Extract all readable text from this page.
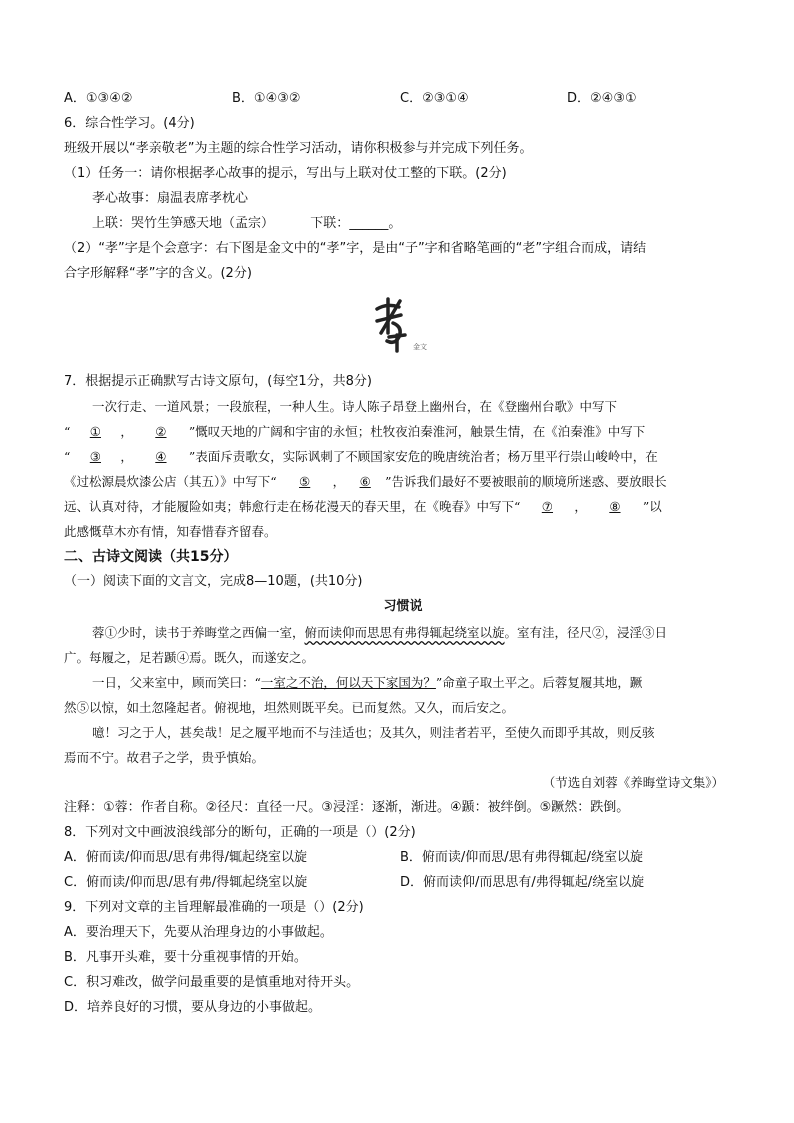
A．①③④②	B．①④③②	C．②③①④	D．②④③①
6．综合性学习。(4分)
班级开展以“孝亲敬老”为主题的综合性学习活动，请你积极参与并完成下列任务。
（1）任务一：请你根据孝心故事的提示，写出与上联对仗工整的下联。(2分)
孝心故事：扇温表席孝枕心
上联：哭竹生笋感天地（孟宗）	下联：______。
（2）“孝”字是个会意字：右下图是金文中的“孝”字，是由“子”字和省略笔画的“老”字组合而成，请结
合字形解释“孝”字的含义。(2分)
金文
7．根据提示正确默写古诗文原句，(每空1分，共8分)
一次行走、一道风景；一段旅程，一种人生。诗人陈子昂登上幽州台，在《登幽州台歌》中写下
“ ① ， ② ”慨叹天地的广阔和宇宙的永恒；杜牧夜泊秦淮河，触景生情，在《泊秦淮》中写下
“ ③ ， ④ ”表面斥责歌女，实际讽刺了不顾国家安危的晚唐统治者；杨万里平行崇山峻岭中，在
《过松源晨炊漆公店（其五）》中写下“ ⑤ ， ⑥ ”告诉我们最好不要被眼前的顺境所迷惑、要放眼长
远、认真对待，才能履险如夷；韩愈行走在杨花漫天的春天里，在《晚春》中写下“ ⑦ ， ⑧ ”以
此感慨草木亦有情，知春惜春齐留春。
二、古诗文阅读（共15分）
（一）阅读下面的文言文，完成8—10题，(共10分)
习惯说
蓉①少时，读书于养晦堂之西偏一室，俯而读仰而思思有弗得辄起绕室以旋。室有洼，径尺②，浸淫③日
广。每履之，足若踬④焉。既久，而遂安之。
一日，父来室中，顾而笑曰：“一室之不治，何以天下家国为？”命童子取土平之。后蓉复履其地，蹶
然⑤以惊，如土忽隆起者。俯视地，坦然则既平矣。已而复然。又久，而后安之。
噫！习之于人，甚矣哉！足之履平地而不与洼适也；及其久，则洼者若平，至使久而即乎其故，则反骇
焉而不宁。故君子之学，贵乎慎始。
（节选自刘蓉《养晦堂诗文集》）
注释：①蓉：作者自称。②径尺：直径一尺。③浸淫：逐渐，渐进。④踬：被绊倒。⑤蹶然：跌倒。
8．下列对文中画波浪线部分的断句，正确的一项是（）(2分)
A．俯而读/仰而思/思有弗得/辄起绕室以旋	B．俯而读/仰而思/思有弗得辄起/绕室以旋
C．俯而读/仰而思/思有弗/得辄起绕室以旋	D．俯而读仰/而思思有/弗得辄起/绕室以旋
9．下列对文章的主旨理解最准确的一项是（）(2分)
A．要治理天下，先要从治理身边的小事做起。
B．凡事开头难，要十分重视事情的开始。
C．积习难改，做学问最重要的是慎重地对待开头。
D．培养良好的习惯，要从身边的小事做起。
